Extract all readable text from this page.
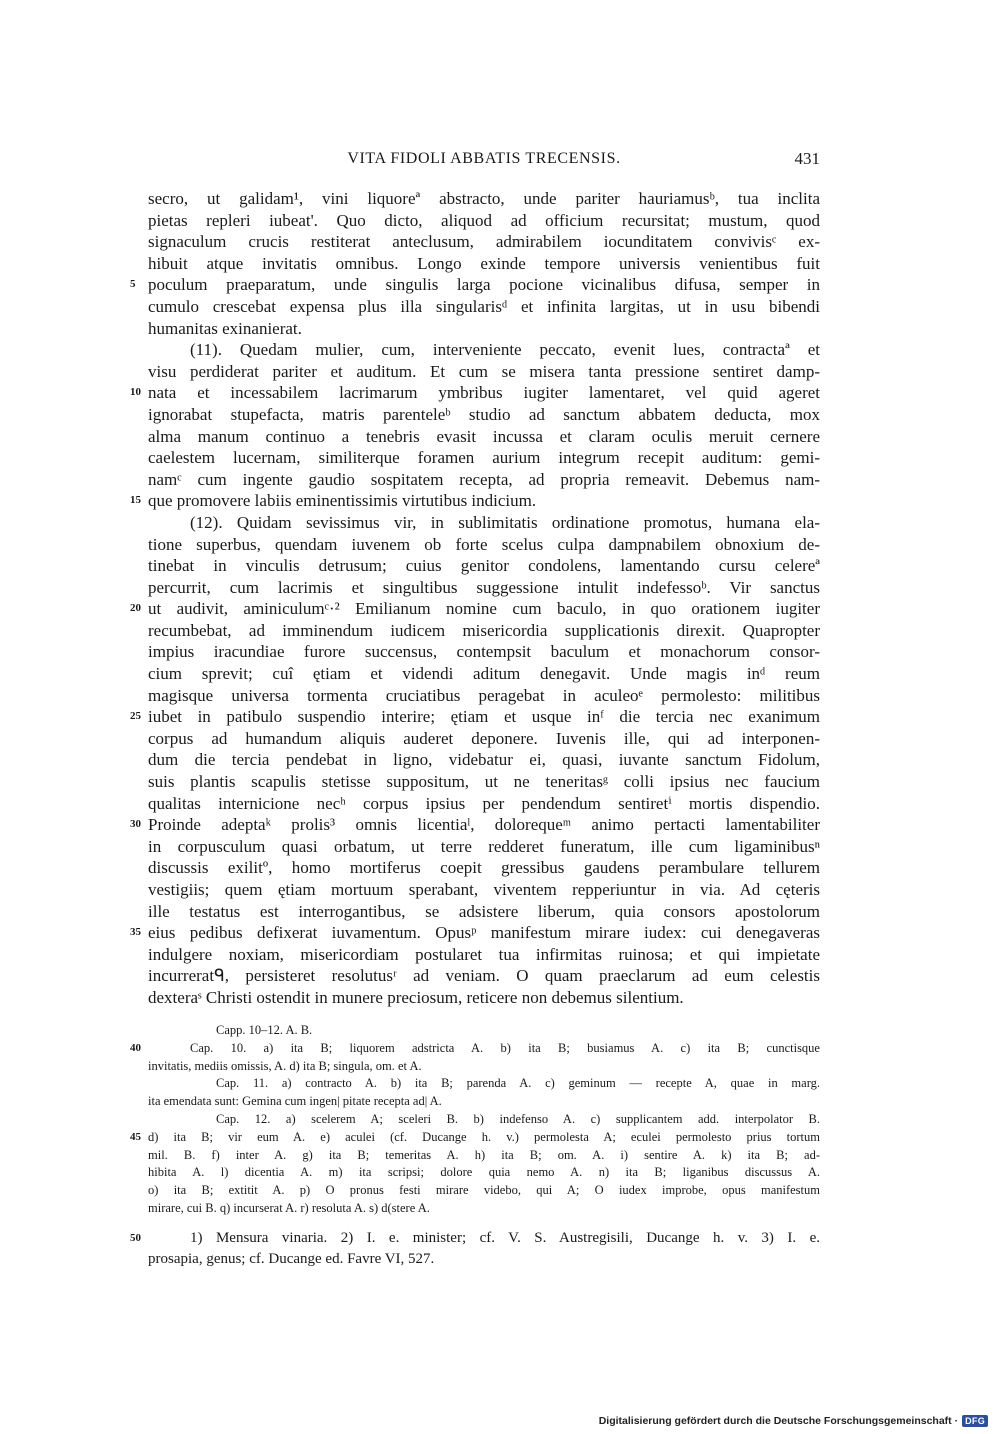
VITA FIDOLI ABBATIS TRECENSIS.	431
secro, ut galidam¹, vini liquoreª abstracto, unde pariter hauriamusᵇ, tua inclita
pietas repleri iubeat'. Quo dicto, aliquod ad officium recursitat; mustum, quod
signaculum crucis restiterat anteclusum, admirabilem iocunditatem convivisᶜ ex-
hibuit atque invitatis omnibus. Longo exinde tempore universis venientibus fuit
5 poculum praeparatum, unde singulis larga pocione vicinalibus difusa, semper in
cumulo crescebat expensa plus illa singularisᵈ et infinita largitas, ut in usu bibendi
humanitas exinanierat.
(11). Quedam mulier, cum, interveniente peccato, evenit lues, contractaª et
visu perdiderat pariter et auditum. Et cum se misera tanta pressione sentiret damp-
10 nata et incessabilem lacrimarum ymbribus iugiter lamentaret, vel quid ageret
ignorabat stupefacta, matris parenteleᵇ studio ad sanctum abbatem deducta, mox
alma manum continuo a tenebris evasit incussa et claram oculis meruit cernere
caelestem lucernam, similiterque foramen aurium integrum recepit auditum: gemi-
namᶜ cum ingente gaudio sospitatem recepta, ad propria remeavit. Debemus nam-
15 que promovere labiis eminentissimis virtutibus indicium.
(12). Quidam sevissimus vir, in sublimitatis ordinatione promotus, humana ela-
tione superbus, quendam iuvenem ob forte scelus culpa dampnabilem obnoxium de-
tinebat in vinculis detrusum; cuius genitor condolens, lamentando cursu celereª
percurrit, cum lacrimis et singultibus suggessione intulit indefessoᵇ. Vir sanctus
20 ut audivit, aminiculumᶜ·² Emilianum nomine cum baculo, in quo orationem iugiter
recumbebat, ad imminendum iudicem misericordia supplicationis direxit. Quapropter
impius iracundiae furore succensus, contempsit baculum et monachorum consor-
cium sprevit; cuî ętiam et videndi aditum denegavit. Unde magis inᵈ reum
magisque universa tormenta cruciatibus peragebat in aculeoᵉ permolesto: militibus
25 iubet in patibulo suspendio interire; ętiam et usque inᶠ die tercia nec exanimum
corpus ad humandum aliquis auderet deponere. Iuvenis ille, qui ad interponen-
dum die tercia pendebat in ligno, videbatur ei, quasi, iuvante sanctum Fidolum,
suis plantis scapulis stetisse suppositum, ut ne teneritasᵍ colli ipsius nec faucium
qualitas internicione necʰ corpus ipsius per pendendum sentiretⁱ mortis dispendio.
30 Proinde adeptaᵏ prolis³ omnis licentiaˡ, dolorequeᵐ animo pertacti lamentabiliter
in corpusculum quasi orbatum, ut terre redderet funeratum, ille cum ligaminibusⁿ
discussis exilitº, homo mortiferus coepit gressibus gaudens perambulare tellurem
vestigiis; quem ętiam mortuum sperabant, viventem repperiuntur in via. Ad cęteris
ille testatus est interrogantibus, se adsistere liberum, quia consors apostolorum
35 eius pedibus defixerat iuvamentum. Opusᵖ manifestum mirare iudex: cui denegaveras
indulgere noxiam, misericordiam postularet tua infirmitas ruinosa; et qui impietate
incurreratᑫ, persisteret resolutusʳ ad veniam. O quam praeclarum ad eum celestis
dexteraˢ Christi ostendit in munere preciosum, reticere non debemus silentium.
Capp. 10–12. A. B.
40	Cap. 10. a) ita B; liquorem adstricta A. b) ita B; busiamus A. c) ita B; cunctisque
invitatis, mediis omissis, A. d) ita B; singula, om. et A.
Cap. 11. a) contracto A. b) ita B; parenda A. c) geminum — recepte A, quae in marg.
ita emendata sunt: Gemina cum ingen| pitate recepta ad| A.
Cap. 12. a) scelerem A; sceleri B. b) indefenso A. c) supplicantem add. interpolator B.
45 d) ita B; vir eum A. e) aculei (cf. Ducange h. v.) permolesta A; eculei permolesto prius tortum
mil. B. f) inter A. g) ita B; temeritas A. h) ita B; om. A. i) sentire A. k) ita B; ad-
hibita A. l) dicentia A. m) ita scripsi; dolore quia nemo A. n) ita B; liganibus discussus A.
o) ita B; extitit A. p) O pronus festi mirare videbo, qui A; O iudex improbe, opus manifestum
mirare, cui B. q) incurserat A. r) resoluta A. s) d(stere A.
50	1) Mensura vinaria. 2) I. e. minister; cf. V. S. Austregisili, Ducange h. v. 3) I. e.
prosapia, genus; cf. Ducange ed. Favre VI, 527.
Digitalisierung gefördert durch die Deutsche Forschungsgemeinschaft · DFG
